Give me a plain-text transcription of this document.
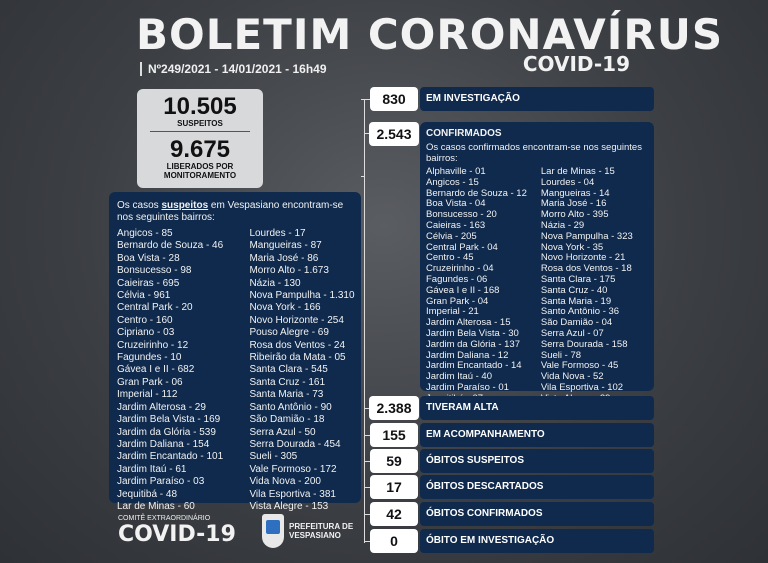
BOLETIM CORONAVÍRUS
COVID-19
Nº249/2021 - 14/01/2021 - 16h49
10.505
SUSPEITOS
9.675
LIBERADOS POR
MONITORAMENTO
Os casos suspeitos em Vespasiano encontram-se nos seguintes bairros:
Angicos - 85
Bernardo de Souza - 46
Boa Vista - 28
Bonsucesso - 98
Caieiras - 695
Célvia - 961
Central Park - 20
Centro - 160
Cipriano - 03
Cruzeirinho - 12
Fagundes - 10
Gávea I e II - 682
Gran Park - 06
Imperial - 112
Jardim Alterosa - 29
Jardim Bela Vista - 169
Jardim da Glória - 539
Jardim Daliana - 154
Jardim Encantado - 101
Jardim Itaú - 61
Jardim Paraíso - 03
Jequitibá - 48
Lar de Minas - 60
Lourdes - 17
Mangueiras - 87
Maria José - 86
Morro Alto - 1.673
Názia - 130
Nova Pampulha - 1.310
Nova York - 166
Novo Horizonte - 254
Pouso Alegre - 69
Rosa dos Ventos - 24
Ribeirão da Mata - 05
Santa Clara - 545
Santa Cruz - 161
Santa Maria - 73
Santo Antônio - 90
São Damião - 18
Serra Azul - 50
Serra Dourada - 454
Sueli - 305
Vale Formoso - 172
Vida Nova - 200
Vila Esportiva - 381
Vista Alegre - 153
830	EM INVESTIGAÇÃO
2.543	CONFIRMADOS
Os casos confirmados encontram-se nos seguintes bairros:
Alphaville - 01
Angicos - 15
Bernardo de Souza - 12
Boa Vista - 04
Bonsucesso - 20
Caieiras - 163
Célvia - 205
Central Park - 04
Centro - 45
Cruzeirinho - 04
Fagundes - 06
Gávea I e II - 168
Gran Park - 04
Imperial - 21
Jardim Alterosa - 15
Jardim Bela Vista - 30
Jardim da Glória - 137
Jardim Daliana - 12
Jardim Encantado - 14
Jardim Itaú - 40
Jardim Paraíso - 01
Lar de Minas - 15
Lourdes - 04
Mangueiras - 14
Maria José - 16
Morro Alto - 395
Názia - 29
Nova Pampulha - 323
Nova York - 35
Novo Horizonte - 21
Rosa dos Ventos - 18
Santa Clara - 175
Santa Cruz - 40
Santa Maria - 19
Santo Antônio - 36
São Damião - 04
Serra Azul - 07
Serra Dourada - 158
Sueli - 78
Vale Formoso - 45
Vida Nova - 52
Vila Esportiva - 102
2.388	TIVERAM ALTA
155	EM ACOMPANHAMENTO
59	ÓBITOS SUSPEITOS
17	ÓBITOS DESCARTADOS
42	ÓBITOS CONFIRMADOS
0	ÓBITO EM INVESTIGAÇÃO
COMITÊ EXTRAORDINÁRIO
COVID-19	PREFEITURA DE
VESPASIANO
